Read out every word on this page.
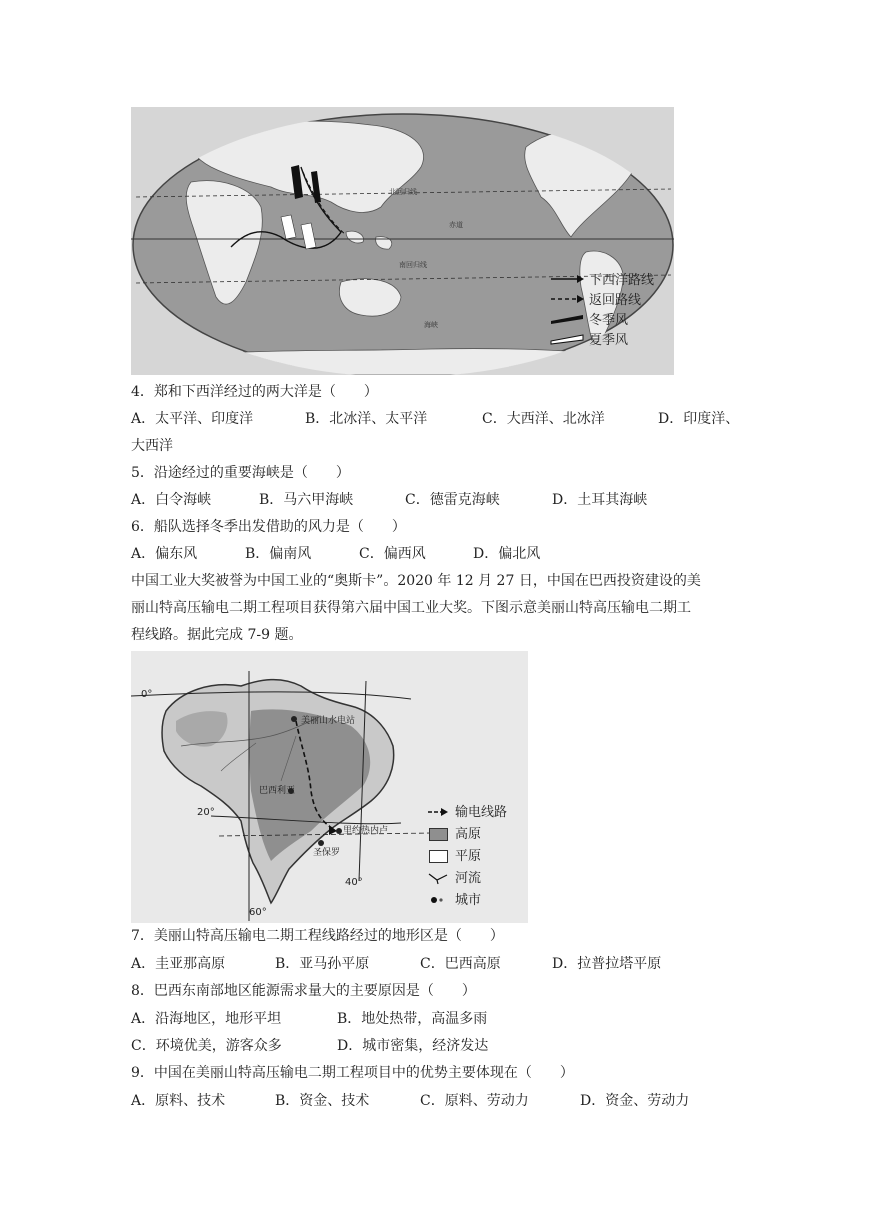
北回归线
赤道
南回归线
海峡
下西洋路线
返回路线
冬季风
夏季风
4．郑和下西洋经过的两大洋是（　　）
A．太平洋、印度洋	B．北冰洋、太平洋	C．大西洋、北冰洋	D．印度洋、
大西洋
5．沿途经过的重要海峡是（　　）
A．白令海峡	B．马六甲海峡	C．德雷克海峡	D．土耳其海峡
6．船队选择冬季出发借助的风力是（　　）
A．偏东风	B．偏南风	C．偏西风	D．偏北风
中国工业大奖被誉为中国工业的“奥斯卡”。2020 年 12 月 27 日，中国在巴西投资建设的美
丽山特高压输电二期工程项目获得第六届中国工业大奖。下图示意美丽山特高压输电二期工
程线路。据此完成 7-9 题。
0°
20°
40°
60°
美丽山水电站
巴西利亚
里约热内卢
圣保罗
输电线路
高原
平原
河流
城市
7．美丽山特高压输电二期工程线路经过的地形区是（　　）
A．圭亚那高原	B．亚马孙平原	C．巴西高原	D．拉普拉塔平原
8．巴西东南部地区能源需求量大的主要原因是（　　）
A．沿海地区，地形平坦	B．地处热带，高温多雨
C．环境优美，游客众多	D．城市密集，经济发达
9．中国在美丽山特高压输电二期工程项目中的优势主要体现在（　　）
A．原料、技术	B．资金、技术	C．原料、劳动力	D．资金、劳动力
